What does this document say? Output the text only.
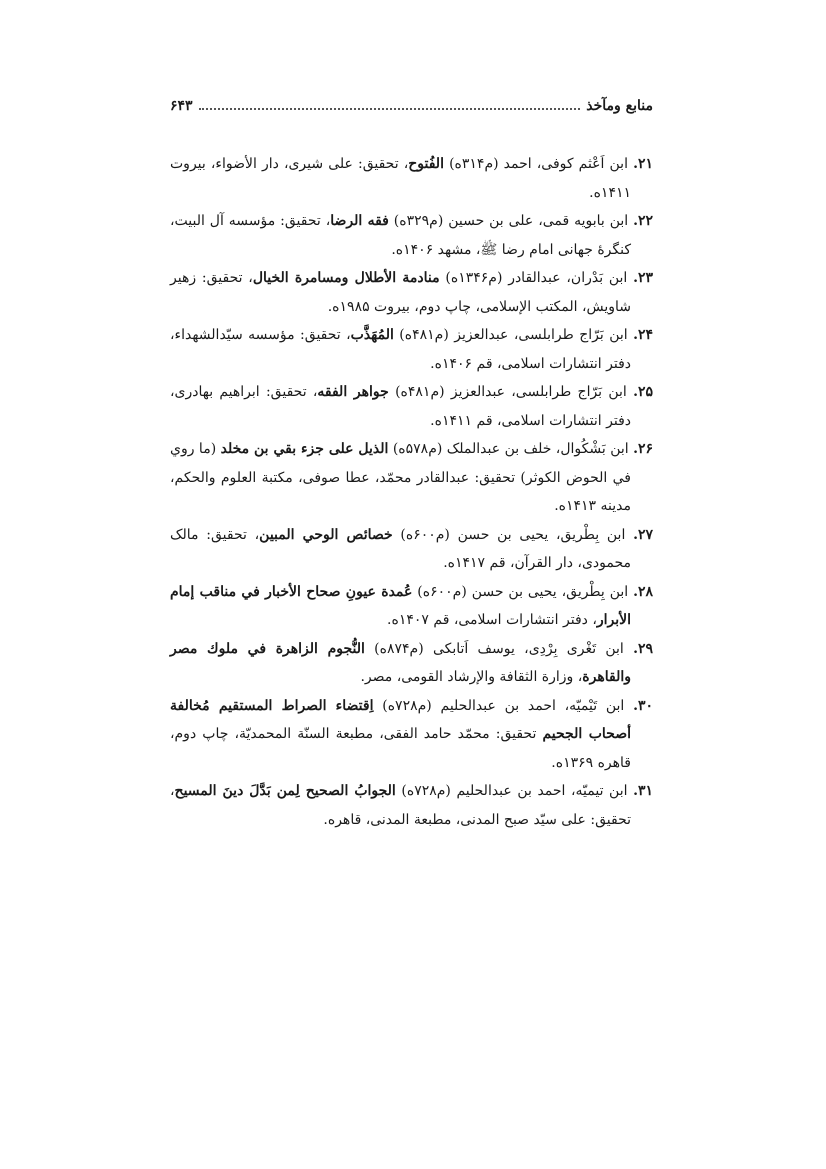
منابع ومآخذ
۶۴۳

۲۱. ابن اَعْثم کوفی، احمد (م۳۱۴ه) الفُتوح، تحقیق: علی شیری، دار الأضواء، بیروت ۱۴۱۱ه.

۲۲. ابن بابویه قمی، علی بن حسین (م۳۲۹ه) فقه الرضا، تحقیق: مؤسسه آل البیت، کنگرهٔ جهانی امام رضا ﷺ، مشهد ۱۴۰۶ه.

۲۳. ابن بَدْران، عبدالقادر (م۱۳۴۶ه) منادمة الأطلال ومسامرة الخیال، تحقیق: زهیر شاویش، المکتب الإسلامی، چاپ دوم، بیروت ۱۹۸۵ه.

۲۴. ابن بَرّاج طرابلسی، عبدالعزیز (م۴۸۱ه) المُهَذَّب، تحقیق: مؤسسه سیّدالشهداء، دفتر انتشارات اسلامی، قم ۱۴۰۶ه.

۲۵. ابن بَرّاج طرابلسی، عبدالعزیز (م۴۸۱ه) جواهر الفقه، تحقیق: ابراهیم بهادری، دفتر انتشارات اسلامی، قم ۱۴۱۱ه.

۲۶. ابن بَشْکُوال، خلف بن عبدالملک (م۵۷۸ه) الذیل علی جزء بقي بن مخلد (ما روي في الحوض الکوثر) تحقیق: عبدالقادر محمّد، عطا صوفی، مکتبة العلوم والحکم، مدینه ۱۴۱۳ه.

۲۷. ابن بِطْریق، یحیی بن حسن (م۶۰۰ه) خصائص الوحي المبین، تحقیق: مالک محمودی، دار القرآن، قم ۱۴۱۷ه.

۲۸. ابن بِطْریق، یحیی بن حسن (م۶۰۰ه) عُمدة عیونِ صحاح الأخبار في مناقب إمام الأبرار، دفتر انتشارات اسلامی، قم ۱۴۰۷ه.

۲۹. ابن تَغْری بِرْدِی، یوسف اَتابکی (م۸۷۴ه) النُّجوم الزاهرة في ملوك مصر والقاهرة، وزارة الثقافة والإرشاد القومی، مصر.

۳۰. ابن تَیْمیّه، احمد بن عبدالحلیم (م۷۲۸ه) اِقتضاء الصراط المستقیم مُخالفة أصحاب الجحیم تحقیق: محمّد حامد الفقی، مطبعة السنّة المحمدیّة، چاپ دوم، قاهره ۱۳۶۹ه.

۳۱. ابن تیمیّه، احمد بن عبدالحلیم (م۷۲۸ه) الجوابُ الصحیح لِمن بَدَّلَ دینَ المسیح، تحقیق: علی سیّد صبح المدنی، مطبعة المدنی، قاهره.
